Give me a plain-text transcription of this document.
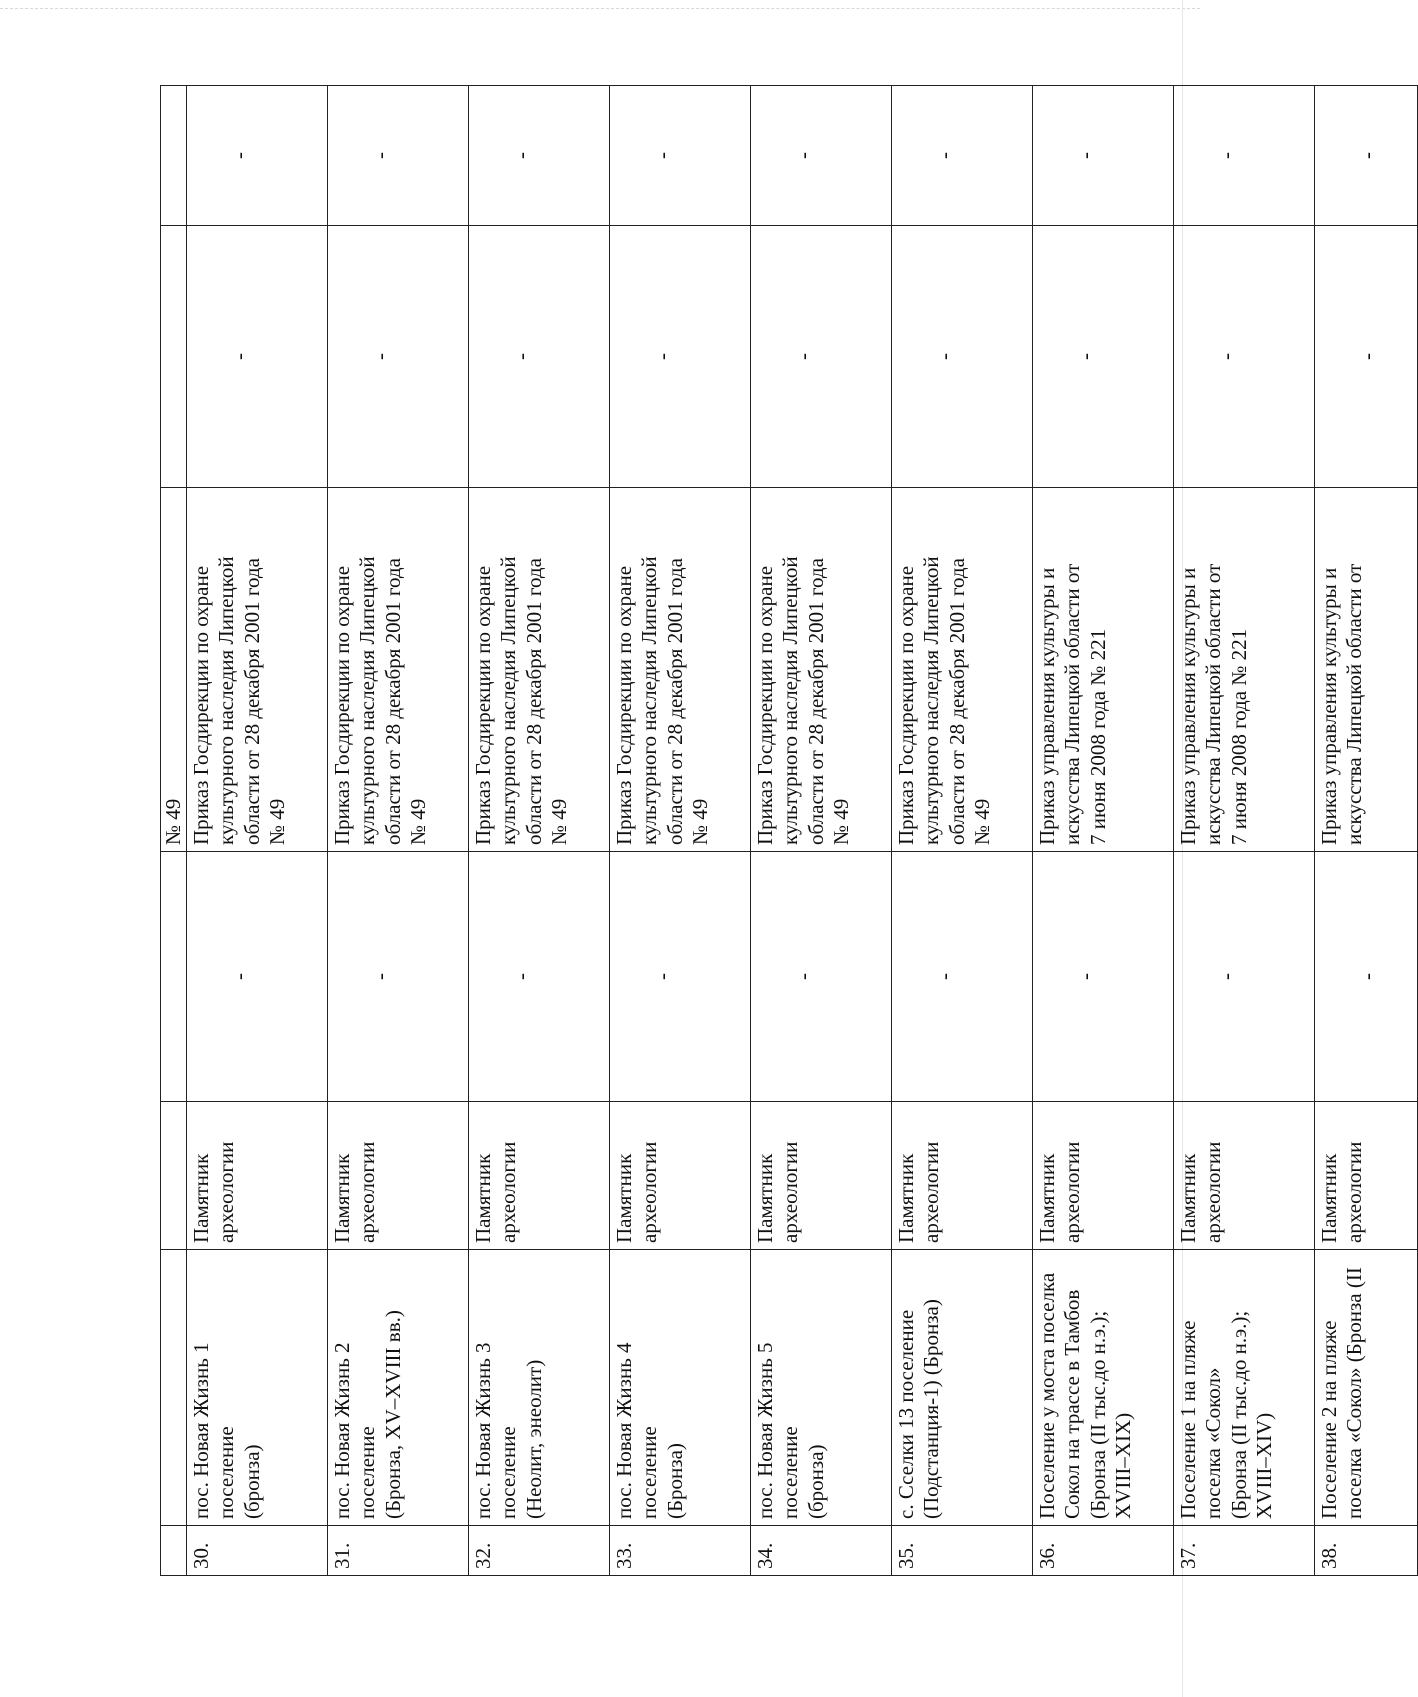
				№ 49		
30.	пос. Новая Жизнь 1 поселение (бронза)	Памятник археологии	-	Приказ Госдирекции по охране культурного наследия Липецкой области от 28 декабря 2001 года № 49	-	-
31.	пос. Новая Жизнь 2 поселение (Бронза, XV–XVIII вв.)	Памятник археологии	-	Приказ Госдирекции по охране культурного наследия Липецкой области от 28 декабря 2001 года № 49	-	-
32.	пос. Новая Жизнь 3 поселение (Неолит, энеолит)	Памятник археологии	-	Приказ Госдирекции по охране культурного наследия Липецкой области от 28 декабря 2001 года № 49	-	-
33.	пос. Новая Жизнь 4 поселение (Бронза)	Памятник археологии	-	Приказ Госдирекции по охране культурного наследия Липецкой области от 28 декабря 2001 года № 49	-	-
34.	пос. Новая Жизнь 5 поселение (бронза)	Памятник археологии	-	Приказ Госдирекции по охране культурного наследия Липецкой области от 28 декабря 2001 года № 49	-	-
35.	с. Сселки 13 поселение (Подстанция-1) (Бронза)	Памятник археологии	-	Приказ Госдирекции по охране культурного наследия Липецкой области от 28 декабря 2001 года № 49	-	-
36.	Поселение у моста поселка Сокол на трассе в Тамбов (Бронза (II тыс.до н.э.); XVIII–XIX)	Памятник археологии	-	Приказ управления культуры и искусства Липецкой области от 7 июня 2008 года № 221	-	-
37.	Поселение 1 на пляже поселка «Сокол» (Бронза (II тыс.до н.э.); XVIII–XIV)	Памятник археологии	-	Приказ управления культуры и искусства Липецкой области от 7 июня 2008 года № 221	-	-
38.	Поселение 2 на пляже поселка «Сокол» (Бронза (II	Памятник археологии	-	Приказ управления культуры и искусства Липецкой области от	-	-
